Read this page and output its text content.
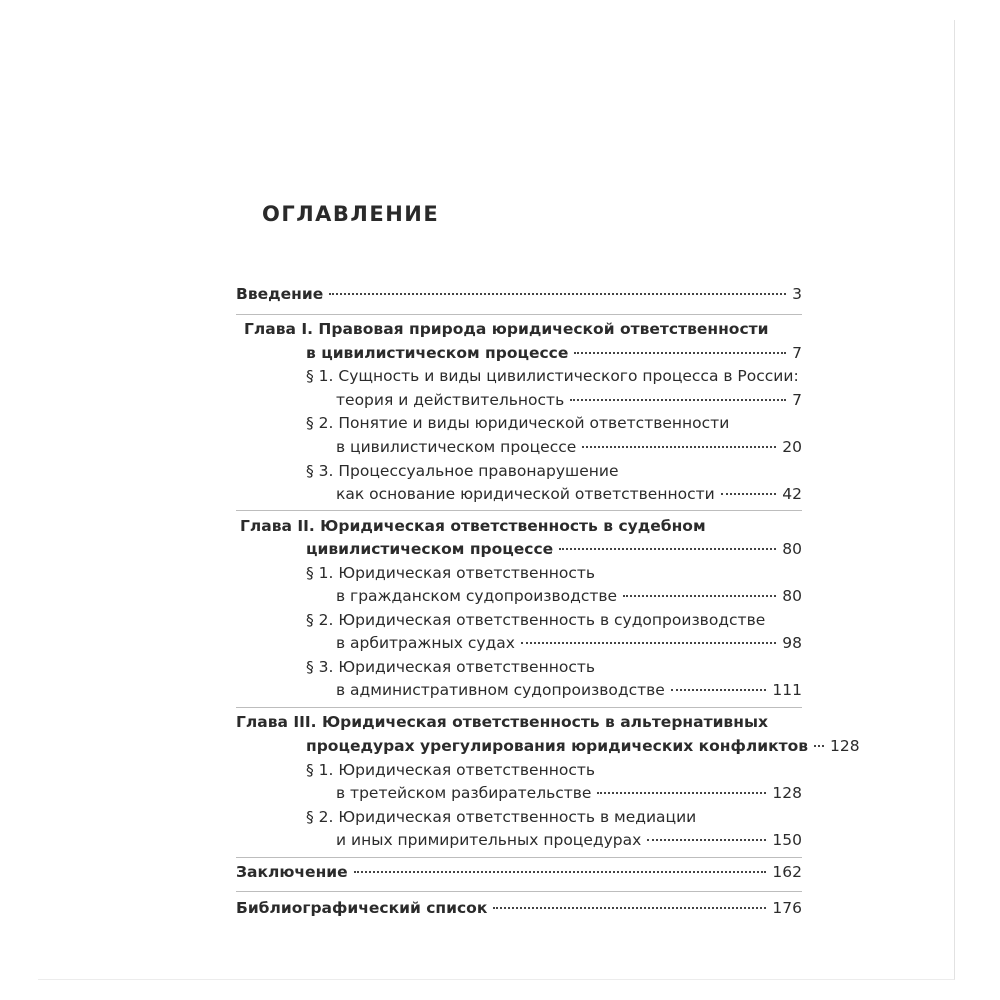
ОГЛАВЛЕНИЕ
Введение	3
Глава I. Правовая природа юридической ответственности
в цивилистическом процессе	7
§ 1. Сущность и виды цивилистического процесса в России:
теория и действительность	7
§ 2. Понятие и виды юридической ответственности
в цивилистическом процессе	20
§ 3. Процессуальное правонарушение
как основание юридической ответственности	42
Глава II. Юридическая ответственность в судебном
цивилистическом процессе	80
§ 1. Юридическая ответственность
в гражданском судопроизводстве	80
§ 2. Юридическая ответственность в судопроизводстве
в арбитражных судах	98
§ 3. Юридическая ответственность
в административном судопроизводстве	111
Глава III. Юридическая ответственность в альтернативных
процедурах урегулирования юридических конфликтов 128
§ 1. Юридическая ответственность
в третейском разбирательстве	128
§ 2. Юридическая ответственность в медиации
и иных примирительных процедурах	150
Заключение	162
Библиографический список	176
